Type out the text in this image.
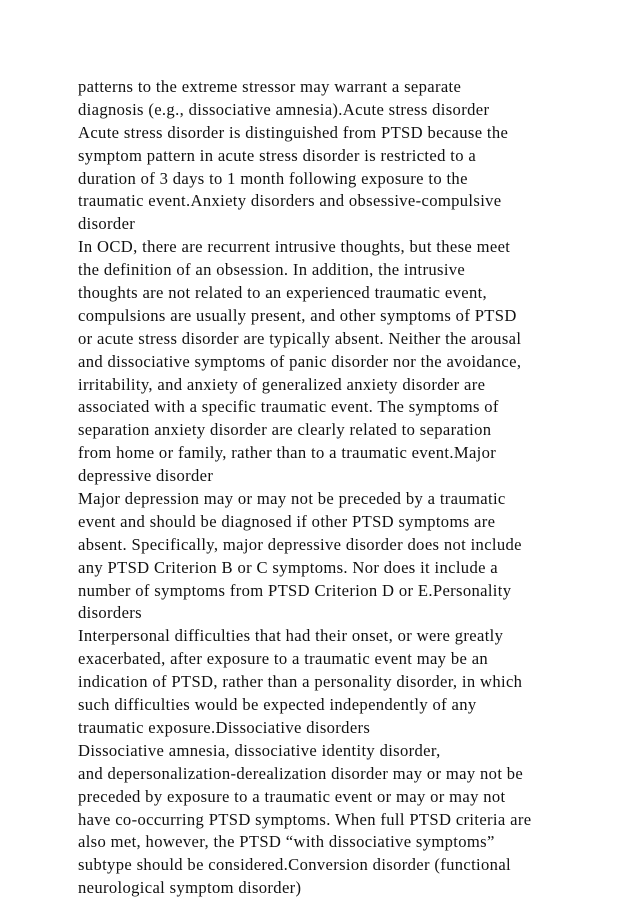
patterns to the extreme stressor may warrant a separate
diagnosis (e.g., dissociative amnesia).Acute stress disorder
Acute stress disorder is distinguished from PTSD because the
symptom pattern in acute stress disorder is restricted to a
duration of 3 days to 1 month following exposure to the
traumatic event.Anxiety disorders and obsessive-compulsive
disorder
In OCD, there are recurrent intrusive thoughts, but these meet
the definition of an obsession. In addition, the intrusive
thoughts are not related to an experienced traumatic event,
compulsions are usually present, and other symptoms of PTSD
or acute stress disorder are typically absent. Neither the arousal
and dissociative symptoms of panic disorder nor the avoidance,
irritability, and anxiety of generalized anxiety disorder are
associated with a specific traumatic event. The symptoms of
separation anxiety disorder are clearly related to separation
from home or family, rather than to a traumatic event.Major
depressive disorder
Major depression may or may not be preceded by a traumatic
event and should be diagnosed if other PTSD symptoms are
absent. Specifically, major depressive disorder does not include
any PTSD Criterion B or C symptoms. Nor does it include a
number of symptoms from PTSD Criterion D or E.Personality
disorders
Interpersonal difficulties that had their onset, or were greatly
exacerbated, after exposure to a traumatic event may be an
indication of PTSD, rather than a personality disorder, in which
such difficulties would be expected independently of any
traumatic exposure.Dissociative disorders
Dissociative amnesia, dissociative identity disorder,
and depersonalization-derealization disorder may or may not be
preceded by exposure to a traumatic event or may or may not
have co-occurring PTSD symptoms. When full PTSD criteria are
also met, however, the PTSD “with dissociative symptoms”
subtype should be considered.Conversion disorder (functional
neurological symptom disorder)
